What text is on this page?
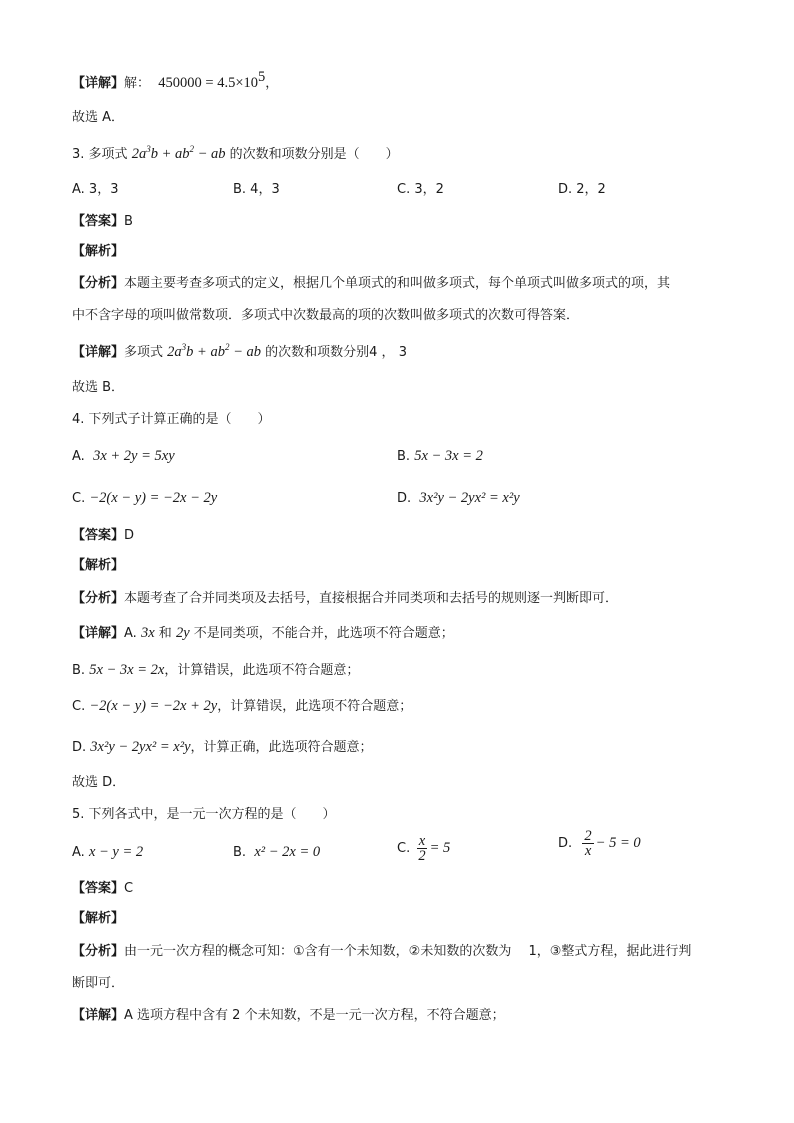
【详解】解： $450000 = 4.5\times 10^5$，
故选 A．
3. 多项式 $2a^3b + ab^2$ − ab 的次数和项数分别是（　　）
A. 3，3	B. 4，3	C. 3，2	D. 2，2
【答案】B
【解析】
【分析】本题主要考查多项式的定义，根据几个单项式的和叫做多项式，每个单项式叫做多项式的项，其
中不含字母的项叫做常数项．多项式中次数最高的项的次数叫做多项式的次数可得答案．
【详解】多项式 $2a^3b + ab^2$ − ab 的次数和项数分别4 ， 3
故选 B．
4. 下列式子计算正确的是（　　）
A. 3x + 2y = 5xy	B. 5x − 3x = 2
C. −2(x − y) = −2x − 2y	D. 3x²y − 2yx² = x²y
【答案】D
【解析】
【分析】本题考查了合并同类项及去括号，直接根据合并同类项和去括号的规则逐一判断即可．
【详解】A. 3x 和 2y 不是同类项，不能合并，此选项不符合题意；
B. 5x − 3x = 2x，计算错误，此选项不符合题意；
C. −2(x − y) = −2x + 2y，计算错误，此选项不符合题意；
D. 3x²y − 2yx² = x²y，计算正确，此选项符合题意；
故选 D．
5. 下列各式中，是一元一次方程的是（　　）
A. x − y = 2	B. x² − 2x = 0	C. $\frac{x}{2} = 5$	D. $\frac{2}{x} - 5 = 0$
【答案】C
【解析】
【分析】由一元一次方程的概念可知：①含有一个未知数，②未知数的次数为　 1，③整式方程，据此进行判
断即可．
【详解】A 选项方程中含有 2 个未知数，不是一元一次方程，不符合题意；
